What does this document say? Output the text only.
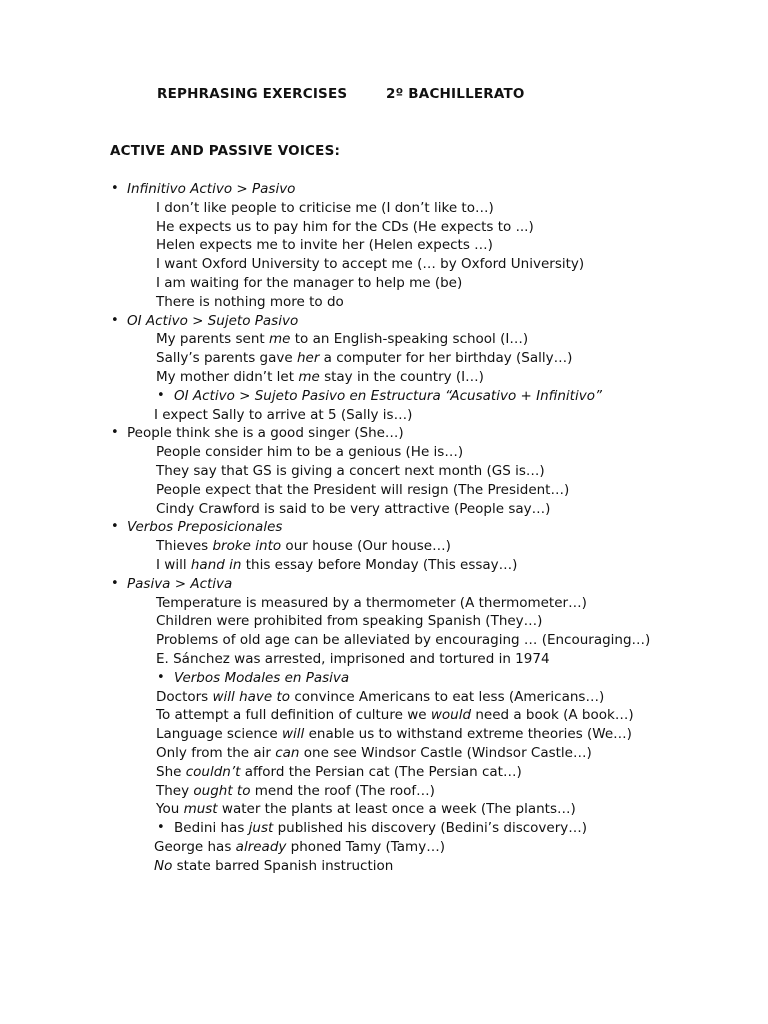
REPHRASING EXERCISES	2º BACHILLERATO
ACTIVE AND PASSIVE VOICES:
• Infinitivo Activo > Pasivo
I don’t like people to criticise me (I don’t like to…)
He expects us to pay him for the CDs (He expects to ...)
Helen expects me to invite her (Helen expects …)
I want Oxford University to accept me (… by Oxford University)
I am waiting for the manager to help me (be)
There is nothing more to do
• OI Activo > Sujeto Pasivo
My parents sent me to an English-speaking school (I…)
Sally’s parents gave her a computer for her birthday (Sally…)
My mother didn’t let me stay in the country (I…)
• OI Activo > Sujeto Pasivo en Estructura “Acusativo + Infinitivo”
I expect Sally to arrive at 5 (Sally is…)
• People think she is a good singer (She…)
People consider him to be a genious (He is…)
They say that GS is giving a concert next month (GS is…)
People expect that the President will resign (The President…)
Cindy Crawford is said to be very attractive (People say…)
• Verbos Preposicionales
Thieves broke into our house (Our house…)
I will hand in this essay before Monday (This essay…)
• Pasiva > Activa
Temperature is measured by a thermometer (A thermometer…)
Children were prohibited from speaking Spanish (They…)
Problems of old age can be alleviated by encouraging … (Encouraging…)
E. Sánchez was arrested, imprisoned and tortured in 1974
• Verbos Modales en Pasiva
Doctors will have to convince Americans to eat less (Americans…)
To attempt a full definition of culture we would need a book (A book…)
Language science will enable us to withstand extreme theories (We…)
Only from the air can one see Windsor Castle (Windsor Castle…)
She couldn’t afford the Persian cat (The Persian cat…)
They ought to mend the roof (The roof…)
You must water the plants at least once a week (The plants…)
• Bedini has just published his discovery (Bedini’s discovery…)
George has already phoned Tamy (Tamy…)
No state barred Spanish instruction
